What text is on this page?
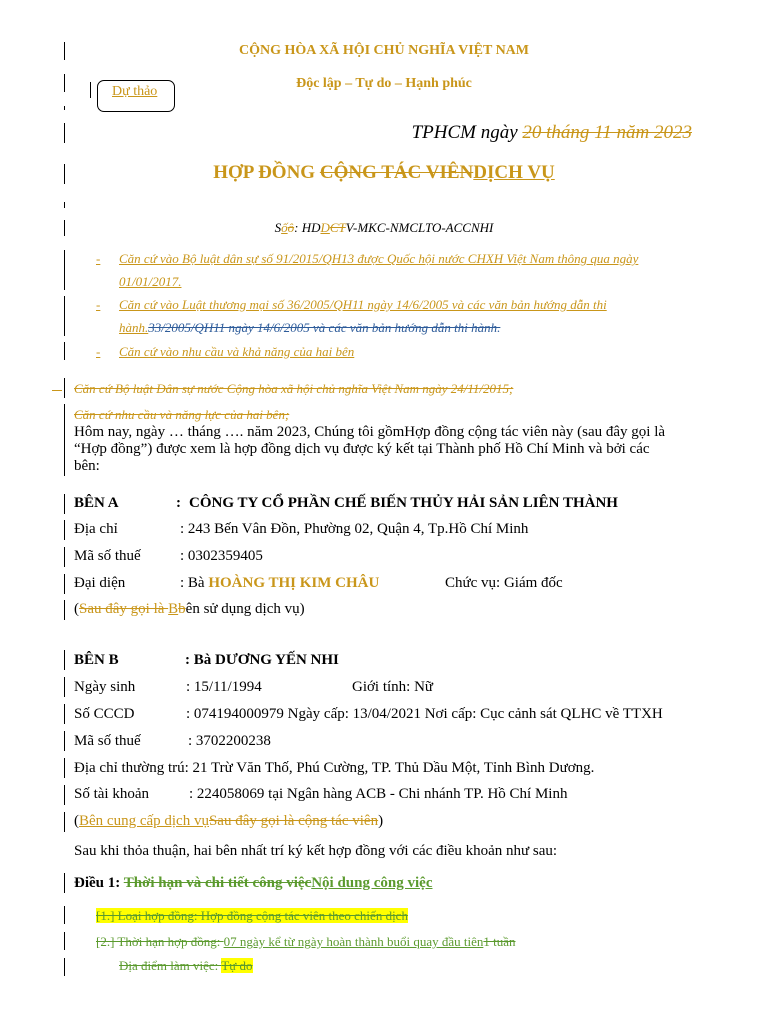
CỘNG HÒA XÃ HỘI CHỦ NGHĨA VIỆT NAM
Độc lập – Tự do – Hạnh phúc
Dự thảo
TPHCM ngày 20 tháng 11 năm 2023
HỢP ĐỒNG CỘNG TÁC VIÊNDỊCH VỤ
Sốô: HDDCTV-MKC-NMCLTO-ACCNHI
- Căn cứ vào Bộ luật dân sự số 91/2015/QH13 được Quốc hội nước CHXH Việt Nam thông qua ngày
01/01/2017.
- Căn cứ vào Luật thương mại số 36/2005/QH11 ngày 14/6/2005 và các văn bản hướng dẫn thi
hành.33/2005/QH11 ngày 14/6/2005 và các văn bản hướng dẫn thi hành.
- Căn cứ vào nhu cầu và khả năng của hai bên
Căn cứ Bộ luật Dân sự nước Cộng hòa xã hội chủ nghĩa Việt Nam ngày 24/11/2015;
Căn cứ nhu cầu và năng lực của hai bên;
Hôm nay, ngày … tháng …. năm 2023, Chúng tôi gồmHợp đồng cộng tác viên này (sau đây gọi là
“Hợp đồng”) được xem là hợp đồng dịch vụ được ký kết tại Thành phố Hồ Chí Minh và bởi các
bên:
BÊN A	: CÔNG TY CỔ PHẦN CHẾ BIẾN THỦY HẢI SẢN LIÊN THÀNH
Địa chỉ	: 243 Bến Vân Đồn, Phường 02, Quận 4, Tp.Hồ Chí Minh
Mã số thuế	: 0302359405
Đại diện	: Bà HOÀNG THỊ KIM CHÂU	Chức vụ: Giám đốc
(Sau đây gọi là Bbên sử dụng dịch vụ)
BÊN B	: Bà DƯƠNG YẾN NHI
Ngày sinh	: 15/11/1994	Giới tính: Nữ
Số CCCD	: 074194000979 Ngày cấp: 13/04/2021 Nơi cấp: Cục cảnh sát QLHC về TTXH
Mã số thuế	: 3702200238
Địa chỉ thường trú: 21 Trừ Văn Thố, Phú Cường, TP. Thủ Dầu Một, Tỉnh Bình Dương.
Số tài khoản	: 224058069 tại Ngân hàng ACB - Chi nhánh TP. Hồ Chí Minh
(Bên cung cấp dịch vụSau đây gọi là cộng tác viên)
Sau khi thỏa thuận, hai bên nhất trí ký kết hợp đồng với các điều khoản như sau:
Điều 1: Thời hạn và chi tiết công việcNội dung công việc
[1.] Loại hợp đồng: Hợp đồng cộng tác viên theo chiến dịch
[2.] Thời hạn hợp đồng: 07 ngày kể từ ngày hoàn thành buổi quay đầu tiên1 tuần
Địa điểm làm việc: Tự do
